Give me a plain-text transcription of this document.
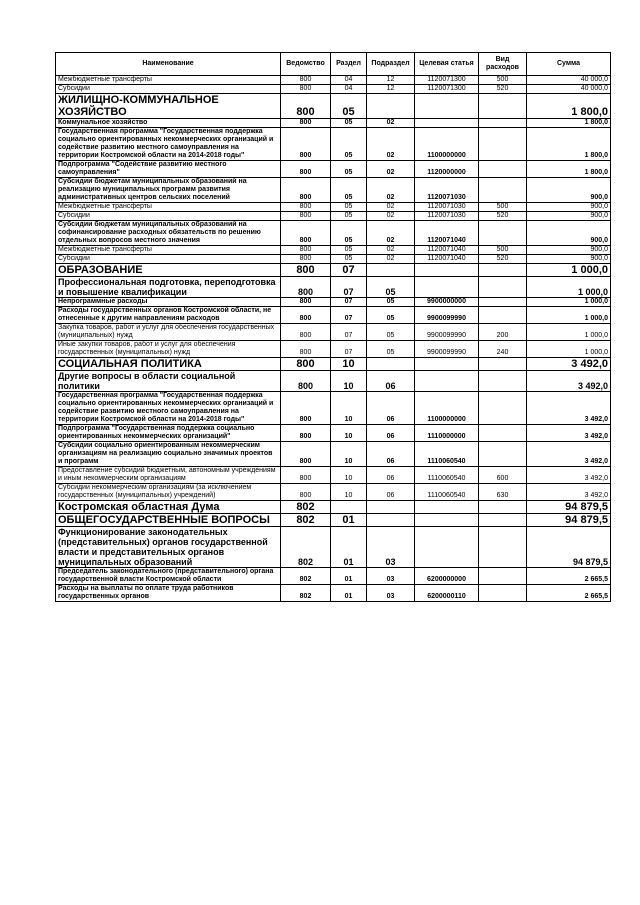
Наименование	Ведомство	Раздел	Подраздел	Целевая статья	Вид расходов	Сумма
Межбюджетные трансферты	800	04	12	1120071300	500	40 000,0
Субсидии	800	04	12	1120071300	520	40 000,0
ЖИЛИЩНО-КОММУНАЛЬНОЕ ХОЗЯЙСТВО	800	05				1 800,0
Коммунальное хозяйство	800	05	02			1 800,0
Государственная программа "Государственная поддержка социально ориентированных некоммерческих организаций и содействие развитию местного самоуправления на территории Костромской области на 2014-2018 годы"	800	05	02	1100000000		1 800,0
Подпрограмма "Содействие развитию местного самоуправления"	800	05	02	1120000000		1 800,0
Субсидии бюджетам муниципальных образований на реализацию муниципальных программ развития административных центров сельских поселений	800	05	02	1120071030		900,0
Межбюджетные трансферты	800	05	02	1120071030	500	900,0
Субсидии	800	05	02	1120071030	520	900,0
Субсидии бюджетам муниципальных образований на софинансирование расходных обязательств по решению отдельных вопросов местного значения	800	05	02	1120071040		900,0
Межбюджетные трансферты	800	05	02	1120071040	500	900,0
Субсидии	800	05	02	1120071040	520	900,0
ОБРАЗОВАНИЕ	800	07				1 000,0
Профессиональная подготовка, переподготовка и повышение квалификации	800	07	05			1 000,0
Непрограммные расходы	800	07	05	9900000000		1 000,0
Расходы государственных органов Костромской области, не отнесенные к другим направлениям расходов	800	07	05	9900099990		1 000,0
Закупка товаров, работ и услуг для обеспечения государственных (муниципальных) нужд	800	07	05	9900099990	200	1 000,0
Иные закупки товаров, работ и услуг для обеспечения государственных (муниципальных) нужд	800	07	05	9900099990	240	1 000,0
СОЦИАЛЬНАЯ ПОЛИТИКА	800	10				3 492,0
Другие вопросы в области социальной политики	800	10	06			3 492,0
Государственная программа "Государственная поддержка социально ориентированных некоммерческих организаций и содействие развитию местного самоуправления на территории Костромской области на 2014-2018 годы"	800	10	06	1100000000		3 492,0
Подпрограмма "Государственная поддержка социально ориентированных некоммерческих организаций"	800	10	06	1110000000		3 492,0
Субсидии социально ориентированным некоммерческим организациям на реализацию социально значимых проектов и программ	800	10	06	1110060540		3 492,0
Предоставление субсидий бюджетным, автономным учреждениям и иным некоммерческим организациям	800	10	06	1110060540	600	3 492,0
Субсидии некоммерческим организациям (за исключением государственных (муниципальных) учреждений)	800	10	06	1110060540	630	3 492,0
Костромская областная Дума	802					94 879,5
ОБЩЕГОСУДАРСТВЕННЫЕ ВОПРОСЫ	802	01				94 879,5
Функционирование законодательных (представительных) органов государственной власти и представительных органов муниципальных образований	802	01	03			94 879,5
Председатель законодательного (представительного) органа государственной власти Костромской области	802	01	03	6200000000		2 665,5
Расходы на выплаты по оплате труда работников государственных органов	802	01	03	6200000110		2 665,5
